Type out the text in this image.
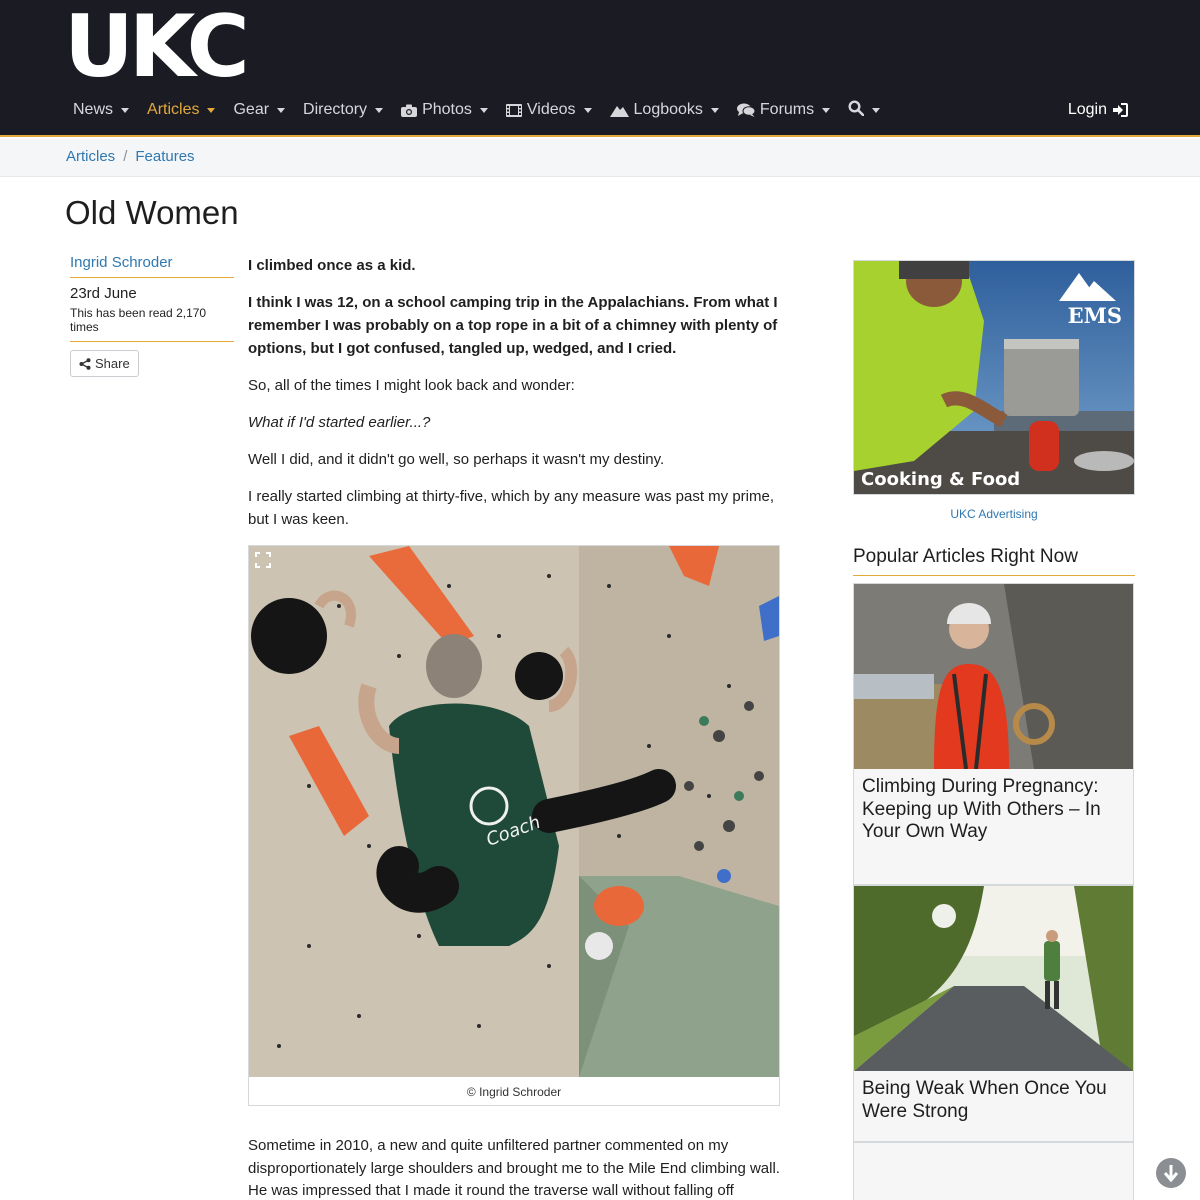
UKC
News Articles Gear Directory	Photos	Videos	Logbooks	Forums	Login
Articles / Features
Old Women
Ingrid Schroder
23rd June
This has been read 2,170 times
Share

I climbed once as a kid.

I think I was 12, on a school camping trip in the Appalachians. From what I remember I was probably on a top rope in a bit of a chimney with plenty of options, but I got confused, tangled up, wedged, and I cried.

So, all of the times I might look back and wonder:

What if I'd started earlier...?

Well I did, and it didn't go well, so perhaps it wasn't my destiny.

I really started climbing at thirty-five, which by any measure was past my prime, but I was keen.

Coach
© Ingrid Schroder

Sometime in 2010, a new and quite unfiltered partner commented on my disproportionately large shoulders and brought me to the Mile End climbing wall. He was impressed that I made it round the traverse wall without falling off

EMS
Cooking & Food
UKC Advertising
Popular Articles Right Now
Climbing During Pregnancy: Keeping up With Others – In Your Own Way
Being Weak When Once You Were Strong
